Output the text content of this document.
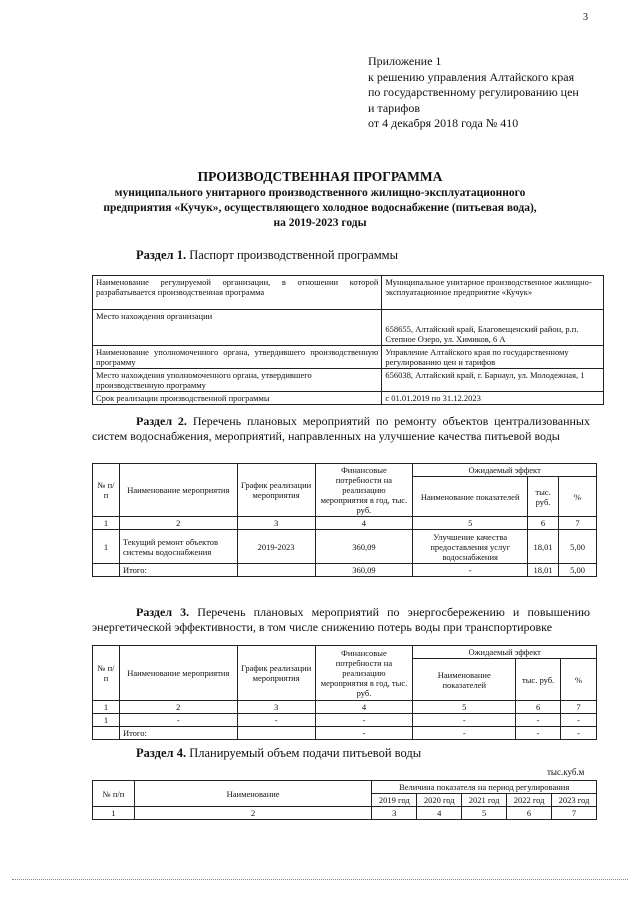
3
Приложение 1
к решению управления Алтайского края
по государственному регулированию цен
и тарифов
от 4 декабря 2018 года № 410
ПРОИЗВОДСТВЕННАЯ ПРОГРАММА
муниципального унитарного производственного жилищно-эксплуатационного
предприятия «Кучук», осуществляющего холодное водоснабжение (питьевая вода),
на 2019-2023 годы
Раздел 1. Паспорт производственной программы
Наименование регулируемой организации, в отношении которой разрабатывается производственная программа	Муниципальное унитарное производственное жилищно-эксплуатационное предприятие «Кучук»
Место нахождения организации	658655, Алтайский край, Благовещенский район, р.п. Степное Озеро, ул. Химиков, 6 А
Наименование уполномоченного органа, утвердившего производственную программу	Управление Алтайского края по государственному регулированию цен и тарифов
Место нахождения уполномоченного органа, утвердившего производственную программу	656038, Алтайский край, г. Барнаул, ул. Молодежная, 1
Срок реализации производственной программы	с 01.01.2019 по 31.12.2023
Раздел 2. Перечень плановых мероприятий по ремонту объектов централизованных систем водоснабжения, мероприятий, направленных на улучшение качества питьевой воды
№ п/п	Наименование мероприятия	График реализации мероприятия	Финансовые потребности на реализацию мероприятия в год, тыс. руб.	Ожидаемый эффект		
				Наименование показателей	тыс. руб.	%
1	2	3	4	5	6	7
1	Текущий ремонт объектов системы водоснабжения	2019-2023	360,09	Улучшение качества предоставления услуг водоснабжения	18,01	5,00
	Итого:		360,09	-	18,01	5,00
Раздел 3. Перечень плановых мероприятий по энергосбережению и повышению энергетической эффективности, в том числе снижению потерь воды при транспортировке
№ п/п	Наименование мероприятия	График реализации мероприятия	Финансовые потребности на реализацию мероприятия в год, тыс. руб.	Ожидаемый эффект		
				Наименование показателей	тыс. руб.	%
1	2	3	4	5	6	7
1	-	-	-	-	-	-
	Итого:		-	-	-	-
Раздел 4. Планируемый объем подачи питьевой воды
тыс.куб.м
№ п/п	Наименование	Величина показателя на период регулирования				
		2019 год	2020 год	2021 год	2022 год	2023 год
1	2	3	4	5	6	7
